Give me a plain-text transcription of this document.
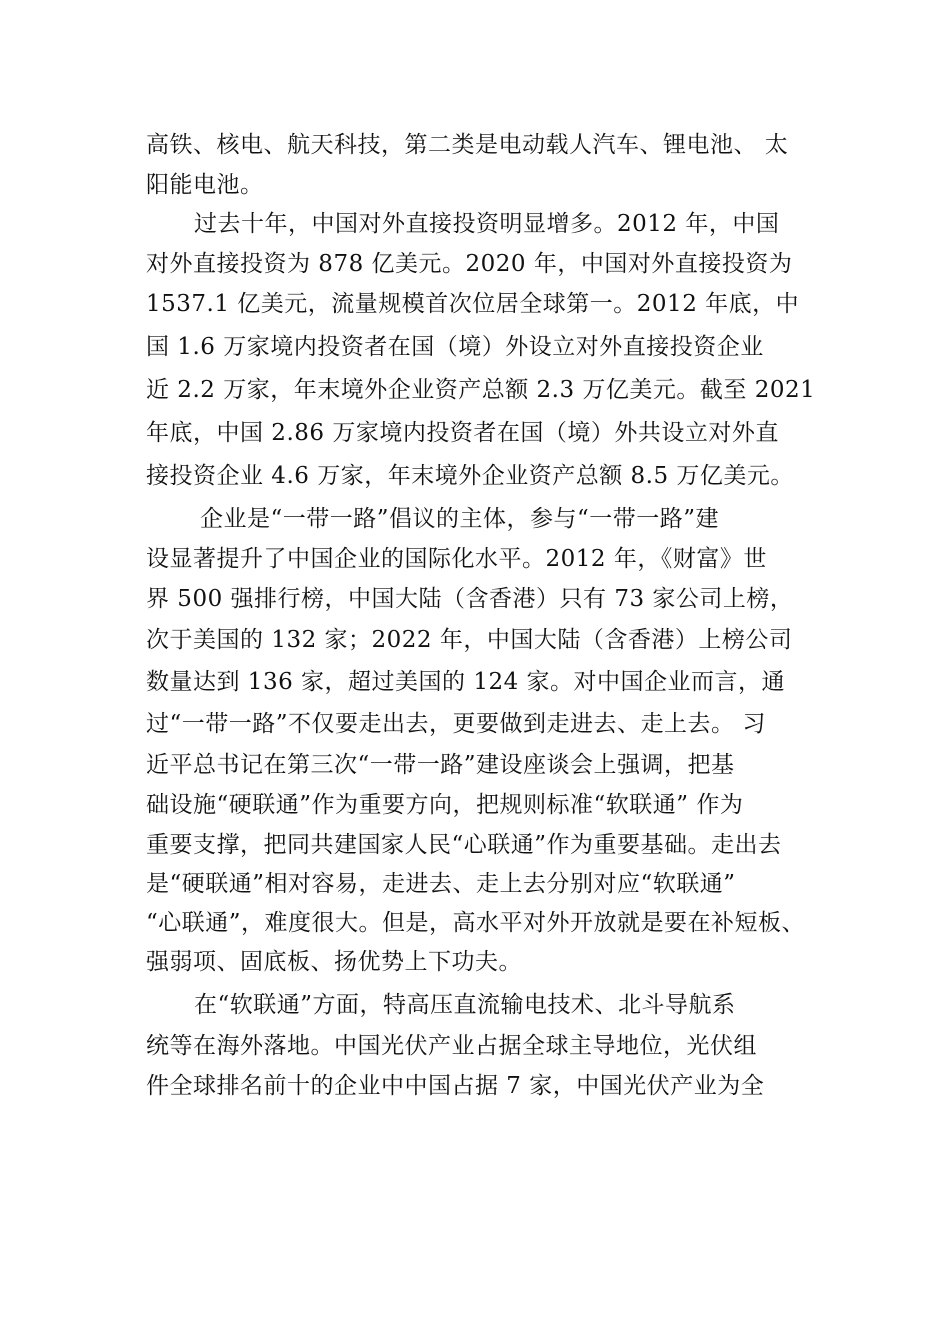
高铁、核电、航天科技，第二类是电动载人汽车、锂电池、 太
阳能电池。
过去十年，中国对外直接投资明显增多。2012 年，中国
对外直接投资为 878 亿美元。2020 年，中国对外直接投资为
1537.1 亿美元，流量规模首次位居全球第一。2012 年底，中
国 1.6 万家境内投资者在国（境）外设立对外直接投资企业
近 2.2 万家，年末境外企业资产总额 2.3 万亿美元。截至 2021
年底，中国 2.86 万家境内投资者在国（境）外共设立对外直
接投资企业 4.6 万家，年末境外企业资产总额 8.5 万亿美元。
企业是“一带一路”倡议的主体，参与“一带一路”建
设显著提升了中国企业的国际化水平。2012 年，《财富》世
界 500 强排行榜，中国大陆（含香港）只有 73 家公司上榜，
次于美国的 132 家；2022 年，中国大陆（含香港）上榜公司
数量达到 136 家，超过美国的 124 家。对中国企业而言，通
过“一带一路”不仅要走出去，更要做到走进去、走上去。 习
近平总书记在第三次“一带一路”建设座谈会上强调，把基
础设施“硬联通”作为重要方向，把规则标准“软联通” 作为
重要支撑，把同共建国家人民“心联通”作为重要基础。走出去
是“硬联通”相对容易，走进去、走上去分别对应“软联通”
“心联通”，难度很大。但是，高水平对外开放就是要在补短板、
强弱项、固底板、扬优势上下功夫。
在“软联通”方面，特高压直流输电技术、北斗导航系
统等在海外落地。中国光伏产业占据全球主导地位，光伏组
件全球排名前十的企业中中国占据 7 家，中国光伏产业为全
